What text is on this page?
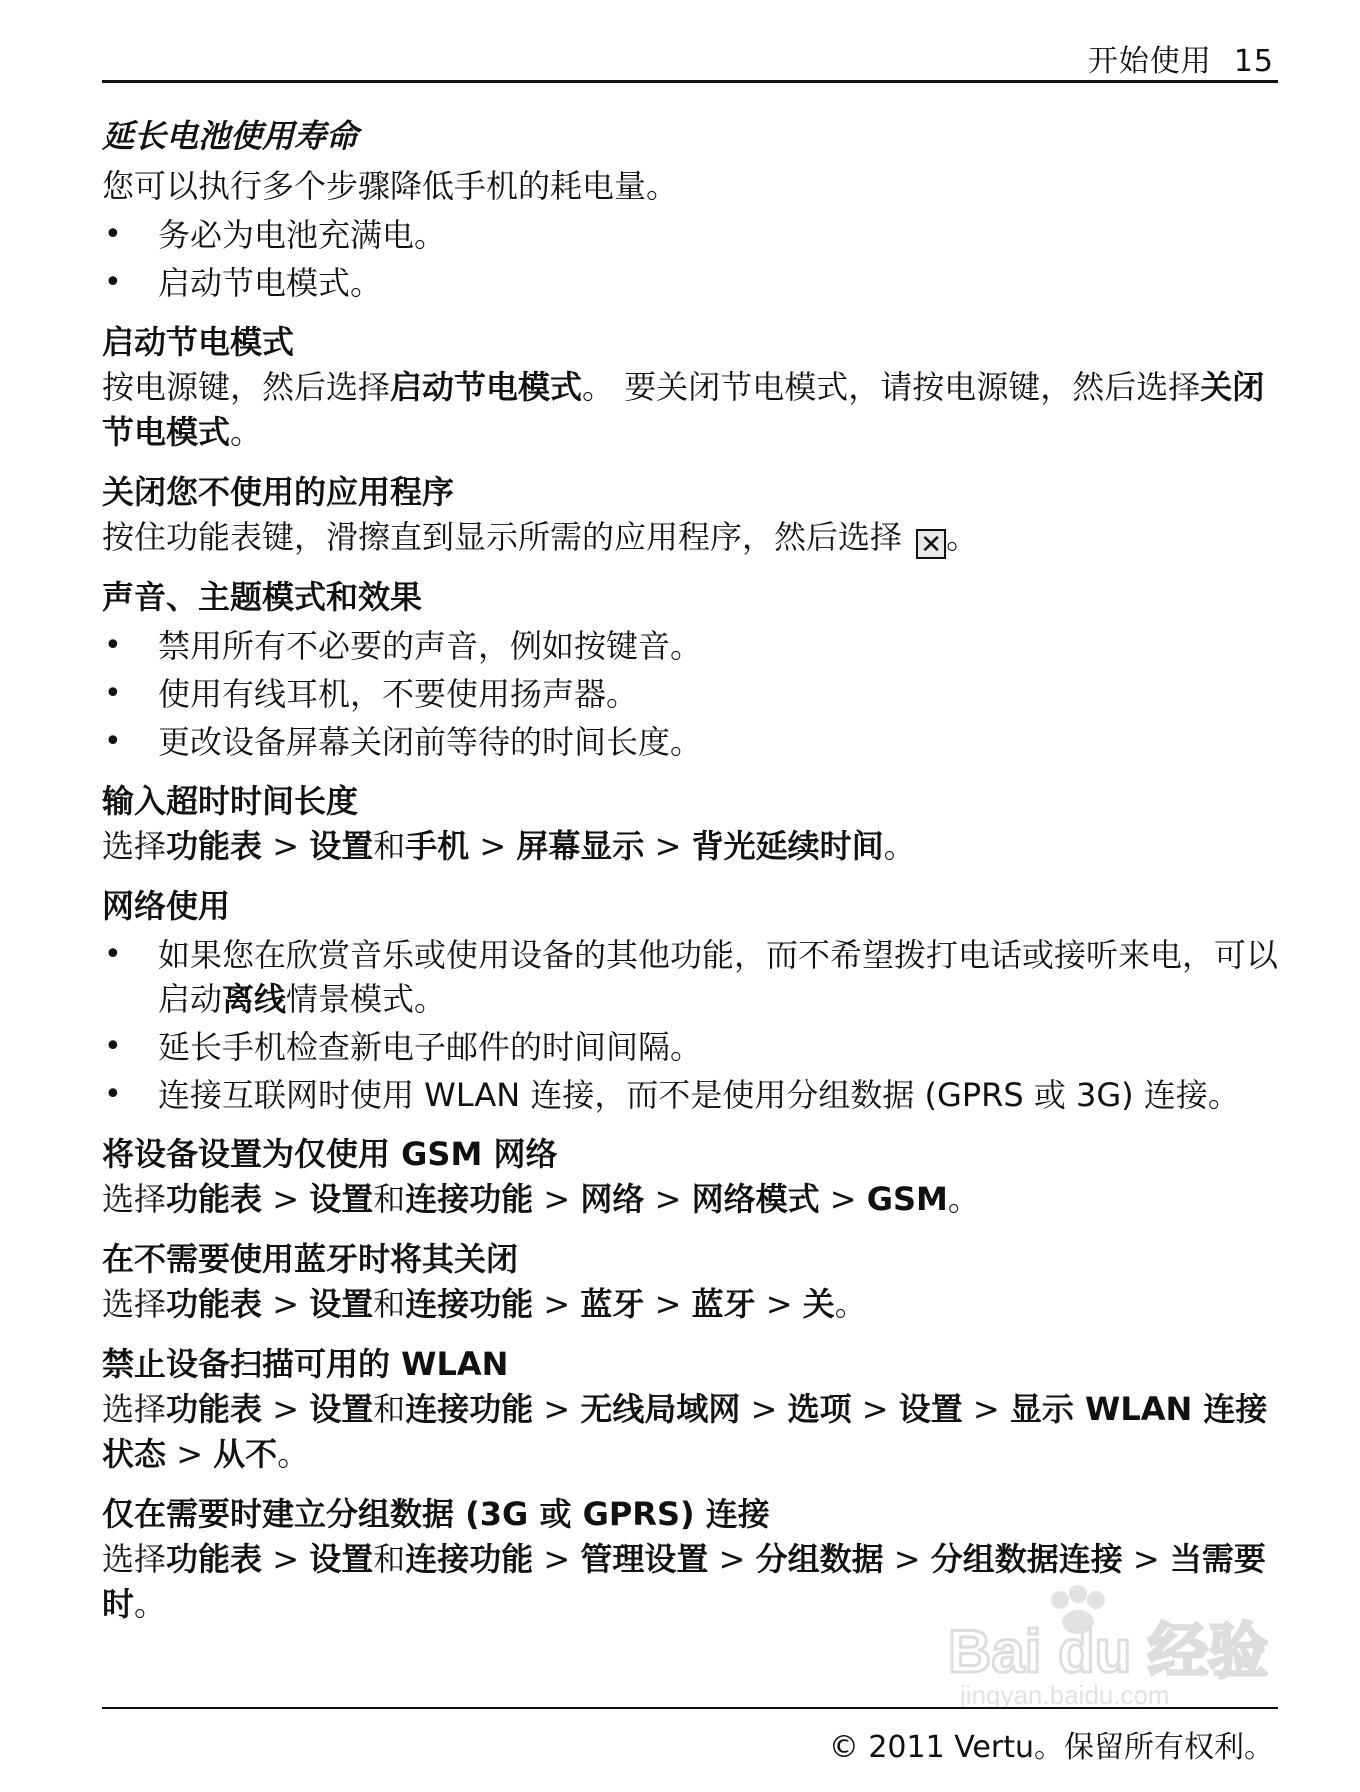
开始使用 15

延长电池使用寿命

您可以执行多个步骤降低手机的耗电量。

• 务必为电池充满电。
• 启动节电模式。

启动节电模式

按电源键，然后选择启动节电模式。 要关闭节电模式，请按电源键，然后选择关闭节电模式。

关闭您不使用的应用程序

按住功能表键，滑擦直到显示所需的应用程序，然后选择 ✕ 。

声音、主题模式和效果

• 禁用所有不必要的声音，例如按键音。
• 使用有线耳机，不要使用扬声器。
• 更改设备屏幕关闭前等待的时间长度。

输入超时时间长度

选择功能表 > 设置和手机 > 屏幕显示 > 背光延续时间。

网络使用

• 如果您在欣赏音乐或使用设备的其他功能，而不希望拨打电话或接听来电，可以启动离线情景模式。
• 延长手机检查新电子邮件的时间间隔。
• 连接互联网时使用 WLAN 连接，而不是使用分组数据 (GPRS 或 3G) 连接。

将设备设置为仅使用 GSM 网络

选择功能表 > 设置和连接功能 > 网络 > 网络模式 > GSM。

在不需要使用蓝牙时将其关闭

选择功能表 > 设置和连接功能 > 蓝牙 > 蓝牙 > 关。

禁止设备扫描可用的 WLAN

选择功能表 > 设置和连接功能 > 无线局域网 > 选项 > 设置 > 显示 WLAN 连接状态 > 从不。

仅在需要时建立分组数据 (3G 或 GPRS) 连接

选择功能表 > 设置和连接功能 > 管理设置 > 分组数据 > 分组数据连接 > 当需要时。

Bai du 经验
jingyan.baidu.com
© 2011 Vertu。保留所有权利。
